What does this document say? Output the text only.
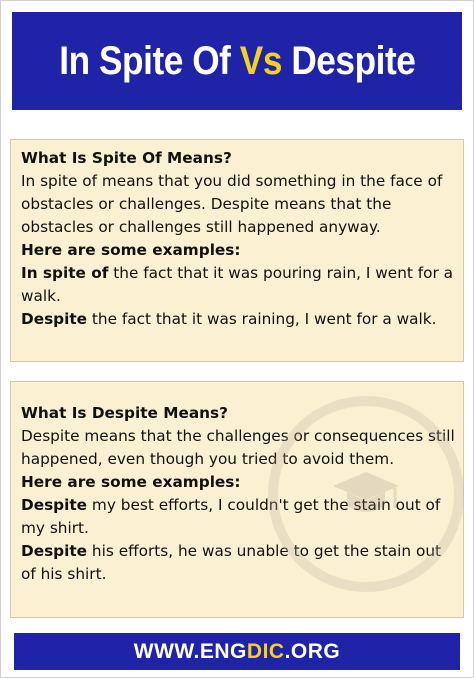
In Spite Of Vs Despite

What Is Spite Of Means?

In spite of means that you did something in the face of obstacles or challenges. Despite means that the obstacles or challenges still happened anyway.

Here are some examples:

In spite of the fact that it was pouring rain, I went for a walk.

Despite the fact that it was raining, I went for a walk.

What Is Despite Means?

Despite means that the challenges or consequences still happened, even though you tried to avoid them.

Here are some examples:

Despite my best efforts, I couldn't get the stain out of my shirt.

Despite his efforts, he was unable to get the stain out of his shirt.

WWW.ENGDIC.ORG
